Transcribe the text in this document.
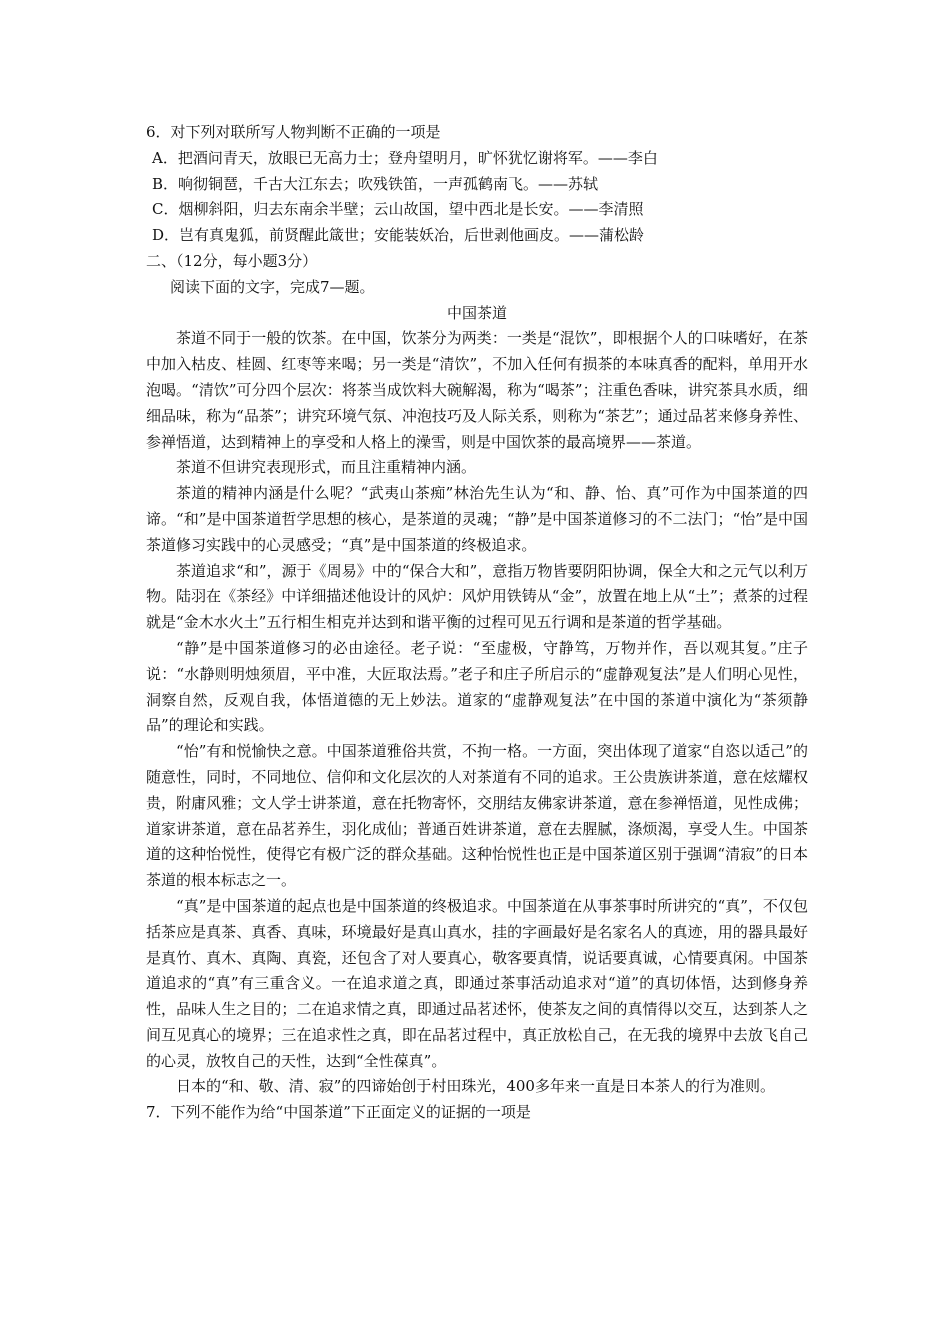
6．对下列对联所写人物判断不正确的一项是
A．把酒问青天，放眼已无高力士；登舟望明月，旷怀犹忆谢将军。——李白
B．响彻铜琶，千古大江东去；吹残铁笛，一声孤鹤南飞。——苏轼
C．烟柳斜阳，归去东南余半壁；云山故国，望中西北是长安。——李清照
D．岂有真鬼狐，前贤醒此箴世；安能装妖冶，后世剥他画皮。——蒲松龄
二、（12分，每小题3分）
阅读下面的文字，完成7—题。
中国茶道

茶道不同于一般的饮茶。在中国，饮茶分为两类：一类是“混饮”，即根据个人的口味嗜好，在茶中加入枯皮、桂圆、红枣等来喝；另一类是“清饮”，不加入任何有损茶的本味真香的配料，单用开水泡喝。“清饮”可分四个层次：将茶当成饮料大碗解渴，称为“喝茶”；注重色香味，讲究茶具水质，细细品味，称为“品茶”；讲究环境气氛、冲泡技巧及人际关系，则称为“茶艺”；通过品茗来修身养性、参禅悟道，达到精神上的享受和人格上的澡雪，则是中国饮茶的最高境界——茶道。

茶道不但讲究表现形式，而且注重精神内涵。

茶道的精神内涵是什么呢？“武夷山茶痴”林治先生认为“和、静、怡、真”可作为中国茶道的四谛。“和”是中国茶道哲学思想的核心，是茶道的灵魂；“静”是中国茶道修习的不二法门；“怡”是中国茶道修习实践中的心灵感受；“真”是中国茶道的终极追求。

茶道追求“和”，源于《周易》中的“保合大和”，意指万物皆要阴阳协调，保全大和之元气以利万物。陆羽在《茶经》中详细描述他设计的风炉：风炉用铁铸从“金”，放置在地上从“土”；煮茶的过程就是“金木水火土”五行相生相克并达到和谐平衡的过程可见五行调和是茶道的哲学基础。

“静”是中国茶道修习的必由途径。老子说：“至虚极，守静笃，万物并作，吾以观其复。”庄子说：“水静则明烛须眉，平中准，大匠取法焉。”老子和庄子所启示的“虚静观复法”是人们明心见性，洞察自然，反观自我，体悟道德的无上妙法。道家的“虚静观复法”在中国的茶道中演化为“茶须静品”的理论和实践。

“怡”有和悦愉快之意。中国茶道雅俗共赏，不拘一格。一方面，突出体现了道家“自恣以适己”的随意性，同时，不同地位、信仰和文化层次的人对茶道有不同的追求。王公贵族讲茶道，意在炫耀权贵，附庸风雅；文人学士讲茶道，意在托物寄怀，交朋结友佛家讲茶道，意在参禅悟道，见性成佛；道家讲茶道，意在品茗养生，羽化成仙；普通百姓讲茶道，意在去腥腻，涤烦渴，享受人生。中国茶道的这种怡悦性，使得它有极广泛的群众基础。这种怡悦性也正是中国茶道区别于强调“清寂”的日本茶道的根本标志之一。

“真”是中国茶道的起点也是中国茶道的终极追求。中国茶道在从事茶事时所讲究的“真”，不仅包括茶应是真茶、真香、真味，环境最好是真山真水，挂的字画最好是名家名人的真迹，用的器具最好是真竹、真木、真陶、真瓷，还包含了对人要真心，敬客要真情，说话要真诚，心情要真闲。中国茶道追求的“真”有三重含义。一在追求道之真，即通过茶事活动追求对“道”的真切体悟，达到修身养性，品味人生之目的；二在追求情之真，即通过品茗述怀，使茶友之间的真情得以交互，达到茶人之间互见真心的境界；三在追求性之真，即在品茗过程中，真正放松自己，在无我的境界中去放飞自己的心灵，放牧自己的天性，达到“全性葆真”。

日本的“和、敬、清、寂”的四谛始创于村田珠光，400多年来一直是日本茶人的行为准则。

7．下列不能作为给“中国茶道”下正面定义的证据的一项是
